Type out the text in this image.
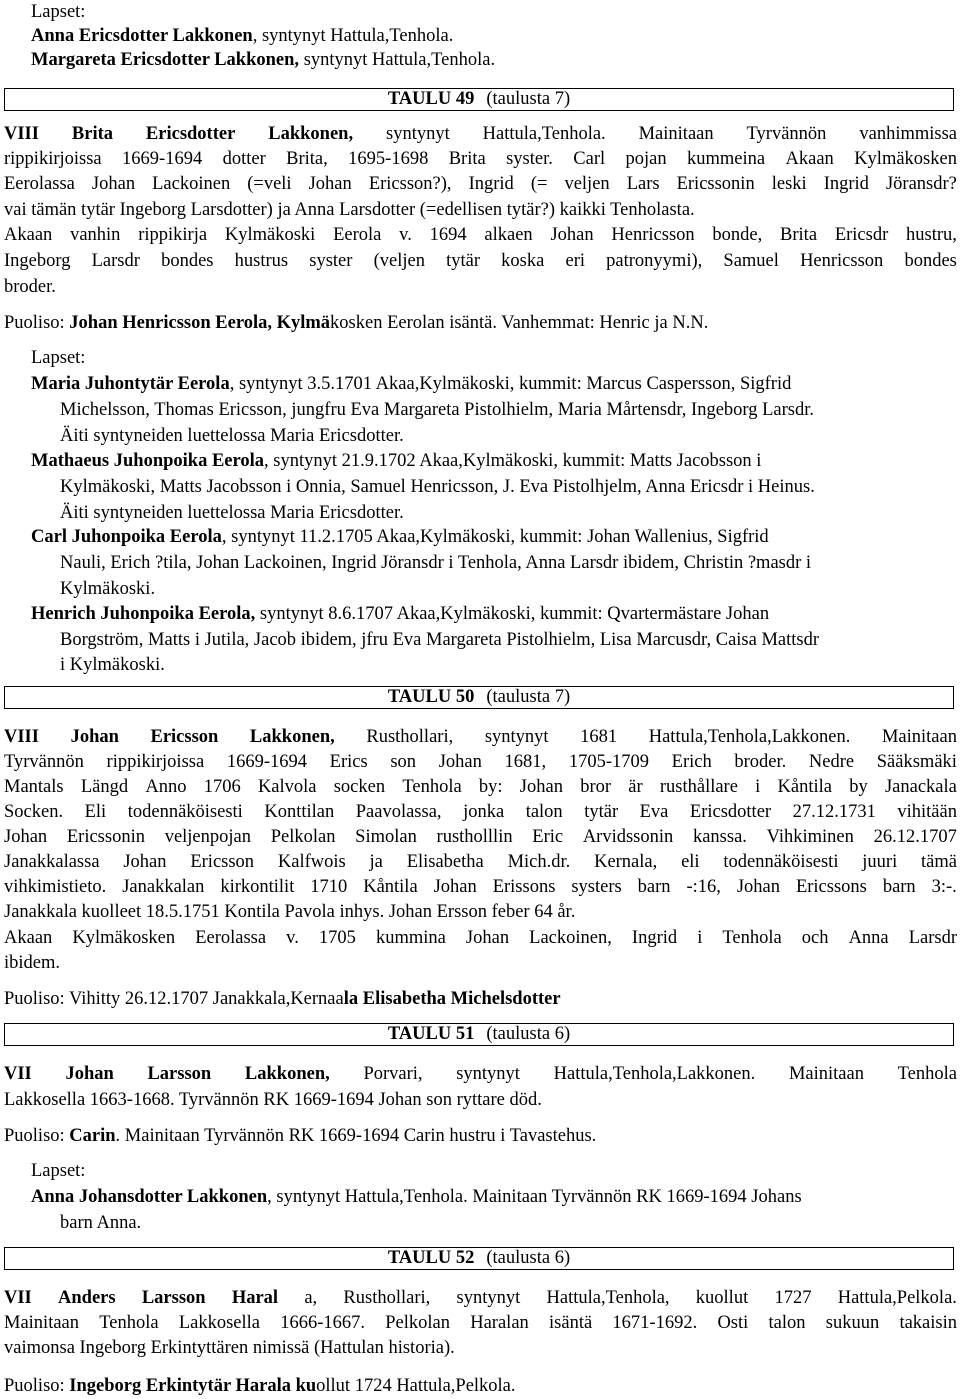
Lapset:
Anna Ericsdotter Lakkonen, syntynyt Hattula,Tenhola.
Margareta Ericsdotter Lakkonen, syntynyt Hattula,Tenhola.
VIII Brita Ericsdotter Lakkonen, syntynyt Hattula,Tenhola. Mainitaan Tyrvännön vanhimmissa
rippikirjoissa 1669-1694 dotter Brita, 1695-1698 Brita syster. Carl pojan kummeina Akaan Kylmäkosken
Eerolassa Johan Lackoinen (=veli Johan Ericsson?), Ingrid (= veljen Lars Ericssonin leski Ingrid Jöransdr?
vai tämän tytär Ingeborg Larsdotter) ja Anna Larsdotter (=edellisen tytär?) kaikki Tenholasta.
Akaan vanhin rippikirja Kylmäkoski Eerola v. 1694 alkaen Johan Henricsson bonde, Brita Ericsdr hustru,
Ingeborg Larsdr bondes hustrus syster (veljen tytär koska eri patronyymi), Samuel Henricsson bondes
broder.
Puoliso: Johan Henricsson Eerola, Kylmäkosken Eerolan isäntä. Vanhemmat: Henric ja N.N.
Lapset:
Maria Juhontytär Eerola, syntynyt 3.5.1701 Akaa,Kylmäkoski, kummit: Marcus Caspersson, Sigfrid
Michelsson, Thomas Ericsson, jungfru Eva Margareta Pistolhielm, Maria Mårtensdr, Ingeborg Larsdr.
Äiti syntyneiden luettelossa Maria Ericsdotter.
Mathaeus Juhonpoika Eerola, syntynyt 21.9.1702 Akaa,Kylmäkoski, kummit: Matts Jacobsson i
Kylmäkoski, Matts Jacobsson i Onnia, Samuel Henricsson, J. Eva Pistolhjelm, Anna Ericsdr i Heinus.
Äiti syntyneiden luettelossa Maria Ericsdotter.
Carl Juhonpoika Eerola, syntynyt 11.2.1705 Akaa,Kylmäkoski, kummit: Johan Wallenius, Sigfrid
Nauli, Erich ?tila, Johan Lackoinen, Ingrid Jöransdr i Tenhola, Anna Larsdr ibidem, Christin ?masdr i
Kylmäkoski.
Henrich Juhonpoika Eerola, syntynyt 8.6.1707 Akaa,Kylmäkoski, kummit: Qvartermästare Johan
Borgström, Matts i Jutila, Jacob ibidem, jfru Eva Margareta Pistolhielm, Lisa Marcusdr, Caisa Mattsdr
i Kylmäkoski.
VIII Johan Ericsson Lakkonen, Rusthollari, syntynyt 1681 Hattula,Tenhola,Lakkonen. Mainitaan
Tyrvännön rippikirjoissa 1669-1694 Erics son Johan 1681, 1705-1709 Erich broder. Nedre Sääksmäki
Mantals Längd Anno 1706 Kalvola socken Tenhola by: Johan bror är rusthållare i Kåntila by Janackala
Socken. Eli todennäköisesti Konttilan Paavolassa, jonka talon tytär Eva Ericsdotter 27.12.1731 vihitään
Johan Ericssonin veljenpojan Pelkolan Simolan rustholllin Eric Arvidssonin kanssa. Vihkiminen 26.12.1707
Janakkalassa Johan Ericsson Kalfwois ja Elisabetha Mich.dr. Kernala, eli todennäköisesti juuri tämä
vihkimistieto. Janakkalan kirkontilit 1710 Kåntila Johan Erissons systers barn -:16, Johan Ericssons barn 3:-.
Janakkala kuolleet 18.5.1751 Kontila Pavola inhys. Johan Ersson feber 64 år.
Akaan Kylmäkosken Eerolassa v. 1705 kummina Johan Lackoinen, Ingrid i Tenhola och Anna Larsdr
ibidem.
Puoliso: Vihitty 26.12.1707 Janakkala,Kernaala Elisabetha Michelsdotter
VII Johan Larsson Lakkonen, Porvari, syntynyt Hattula,Tenhola,Lakkonen. Mainitaan Tenhola
Lakkosella 1663-1668. Tyrvännön RK 1669-1694 Johan son ryttare död.
Puoliso: Carin. Mainitaan Tyrvännön RK 1669-1694 Carin hustru i Tavastehus.
Lapset:
Anna Johansdotter Lakkonen, syntynyt Hattula,Tenhola. Mainitaan Tyrvännön RK 1669-1694 Johans
barn Anna.
VII Anders Larsson Haral a, Rusthollari, syntynyt Hattula,Tenhola, kuollut 1727 Hattula,Pelkola.
Mainitaan Tenhola Lakkosella 1666-1667. Pelkolan Haralan isäntä 1671-1692. Osti talon sukuun takaisin
vaimonsa Ingeborg Erkintyttären nimissä (Hattulan historia).
Puoliso: Ingeborg Erkintytär Harala kuollut 1724 Hattula,Pelkola.
TAULU 49 (taulusta 7)
TAULU 50 (taulusta 7)
TAULU 51 (taulusta 6)
TAULU 52 (taulusta 6)
